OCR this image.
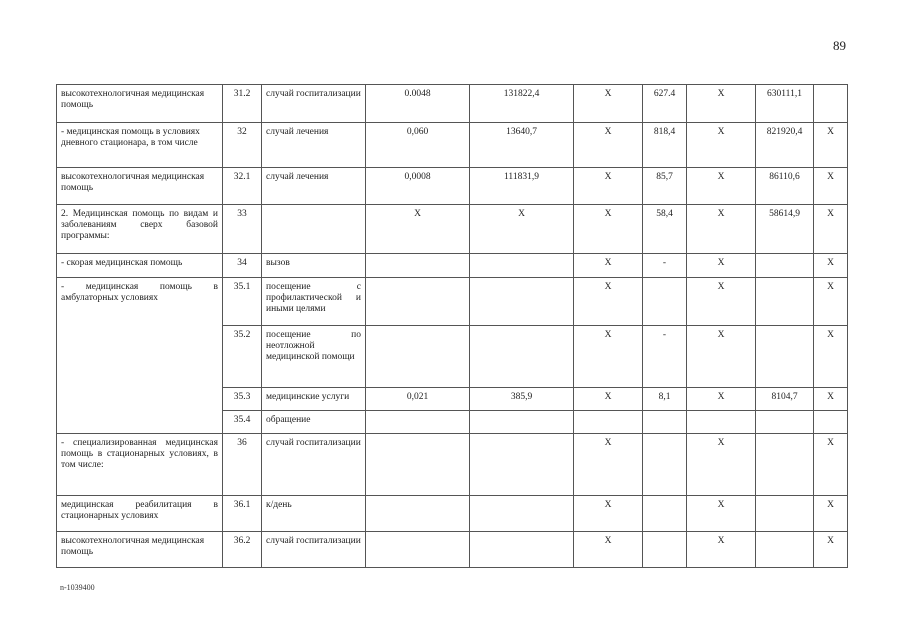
89
высокотехнологичная медицинская помощь	31.2	случай госпитализации	0.0048	131822,4	X	627.4	X	630111,1	
- медицинская помощь в условиях дневного стационара, в том числе	32	случай лечения	0,060	13640,7	X	818,4	X	821920,4	X
высокотехнологичная медицинская помощь	32.1	случай лечения	0,0008	111831,9	X	85,7	X	86110,6	X
2. Медицинская помощь по видам и заболеваниям сверх базовой программы:	33		X	X	X	58,4	X	58614,9	X
- скорая медицинская помощь	34	вызов			X	-	X		X
- медицинская помощь в амбулаторных условиях	35.1	посещение с профилактической и иными целями			X		X		X
	35.2	посещение по неотложной медицинской помощи			X	-	X		X
	35.3	медицинские услуги	0,021	385,9	X	8,1	X	8104,7	X
	35.4	обращение							
- специализированная медицинская помощь в стационарных условиях, в том числе:	36	случай госпитализации			X		X		X
медицинская реабилитация в стационарных условиях	36.1	к/день			X		X		X
высокотехнологичная медицинская помощь	36.2	случай госпитализации			X		X		X
n-1039400
